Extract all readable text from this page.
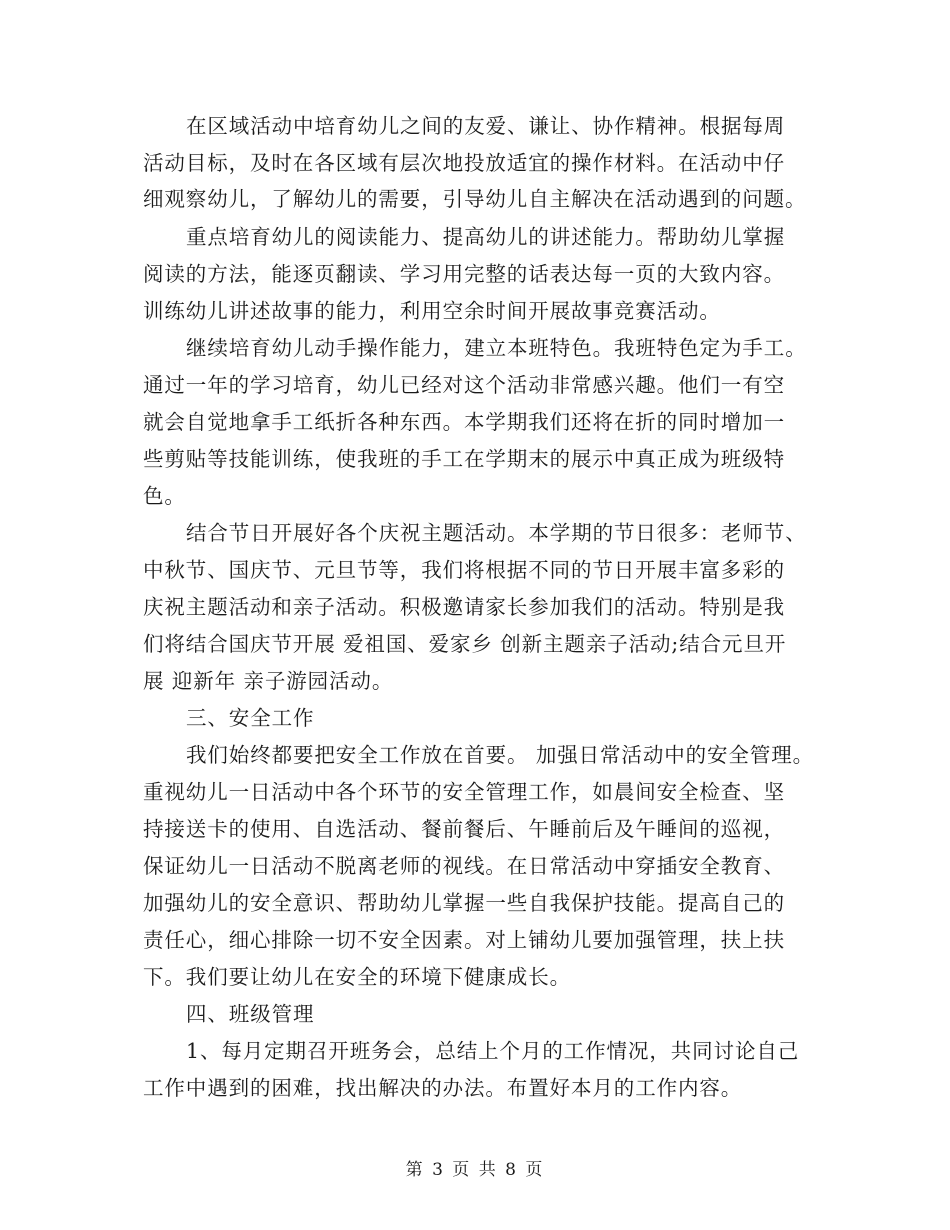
在区域活动中培育幼儿之间的友爱、谦让、协作精神。根据每周
活动目标，及时在各区域有层次地投放适宜的操作材料。在活动中仔
细观察幼儿，了解幼儿的需要，引导幼儿自主解决在活动遇到的问题。
重点培育幼儿的阅读能力、提高幼儿的讲述能力。帮助幼儿掌握
阅读的方法，能逐页翻读、学习用完整的话表达每一页的大致内容。
训练幼儿讲述故事的能力，利用空余时间开展故事竞赛活动。
继续培育幼儿动手操作能力，建立本班特色。我班特色定为手工。
通过一年的学习培育，幼儿已经对这个活动非常感兴趣。他们一有空
就会自觉地拿手工纸折各种东西。本学期我们还将在折的同时增加一
些剪贴等技能训练，使我班的手工在学期末的展示中真正成为班级特
色。
结合节日开展好各个庆祝主题活动。本学期的节日很多：老师节、
中秋节、国庆节、元旦节等，我们将根据不同的节日开展丰富多彩的
庆祝主题活动和亲子活动。积极邀请家长参加我们的活动。特别是我
们将结合国庆节开展 爱祖国、爱家乡 创新主题亲子活动;结合元旦开
展 迎新年 亲子游园活动。
三、安全工作
我们始终都要把安全工作放在首要。 加强日常活动中的安全管理。
重视幼儿一日活动中各个环节的安全管理工作，如晨间安全检查、坚
持接送卡的使用、自选活动、餐前餐后、午睡前后及午睡间的巡视，
保证幼儿一日活动不脱离老师的视线。在日常活动中穿插安全教育、
加强幼儿的安全意识、帮助幼儿掌握一些自我保护技能。提高自己的
责任心，细心排除一切不安全因素。对上铺幼儿要加强管理，扶上扶
下。我们要让幼儿在安全的环境下健康成长。
四、班级管理
1、每月定期召开班务会，总结上个月的工作情况，共同讨论自己
工作中遇到的困难，找出解决的办法。布置好本月的工作内容。
第 3 页 共 8 页
